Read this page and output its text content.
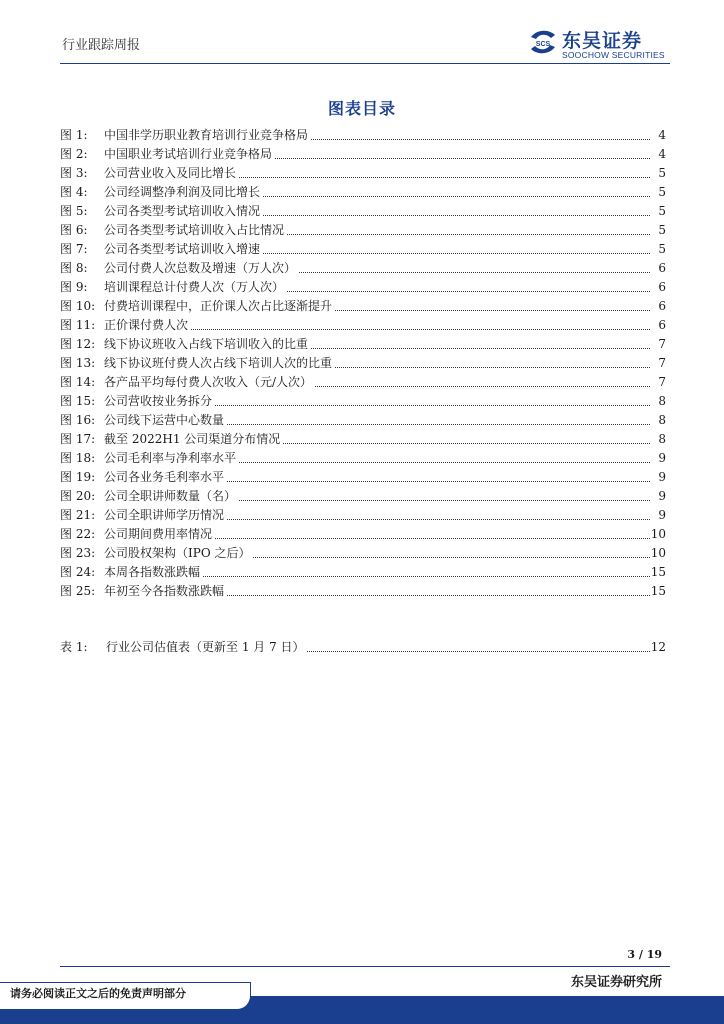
行业跟踪周报	SCS 东吴证券
SOOCHOW SECURITIES
图表目录
图 1: 中国非学历职业教育培训行业竞争格局	4
图 2: 中国职业考试培训行业竞争格局	4
图 3: 公司营业收入及同比增长	5
图 4: 公司经调整净利润及同比增长	5
图 5: 公司各类型考试培训收入情况	5
图 6: 公司各类型考试培训收入占比情况	5
图 7: 公司各类型考试培训收入增速	5
图 8: 公司付费人次总数及增速（万人次）	6
图 9: 培训课程总计付费人次（万人次）	6
图 10: 付费培训课程中，正价课人次占比逐渐提升	6
图 11: 正价课付费人次	6
图 12: 线下协议班收入占线下培训收入的比重	7
图 13: 线下协议班付费人次占线下培训人次的比重	7
图 14: 各产品平均每付费人次收入（元/人次）	7
图 15: 公司营收按业务拆分	8
图 16: 公司线下运营中心数量	8
图 17: 截至 2022H1 公司渠道分布情况	8
图 18: 公司毛利率与净利率水平	9
图 19: 公司各业务毛利率水平	9
图 20: 公司全职讲师数量（名）	9
图 21: 公司全职讲师学历情况	9
图 22: 公司期间费用率情况	10
图 23: 公司股权架构（IPO 之后）	10
图 24: 本周各指数涨跌幅	15
图 25: 年初至今各指数涨跌幅	15
表 1: 行业公司估值表（更新至 1 月 7 日）	12
3 / 19
东吴证券研究所
请务必阅读正文之后的免责声明部分
